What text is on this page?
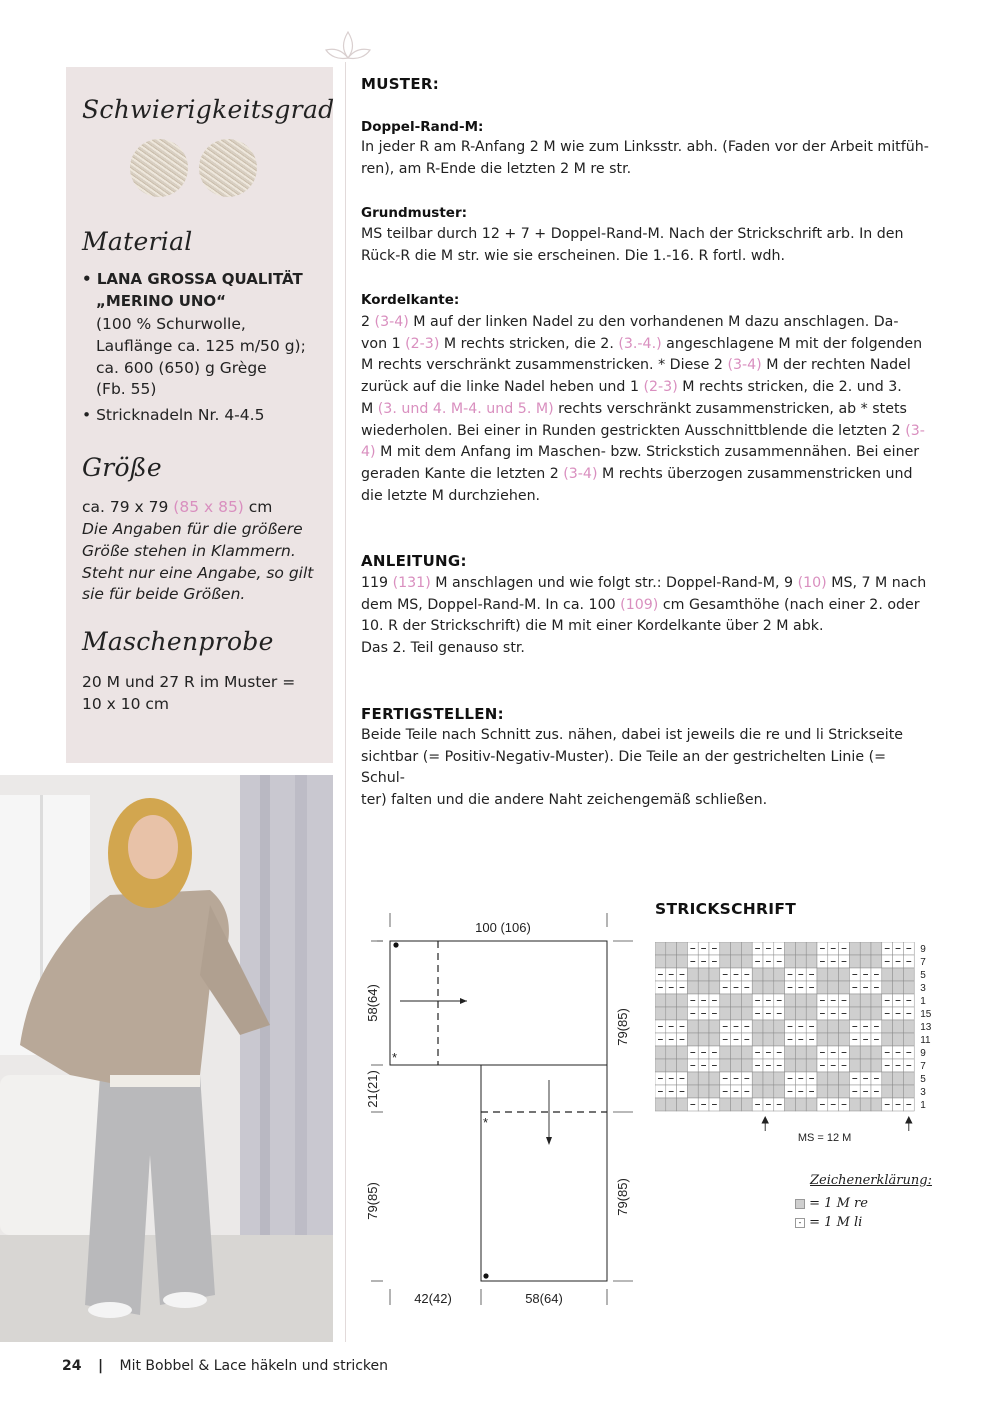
Schwierigkeitsgrad
Material
• LANA GROSSA QUALITÄT
„MERINO UNO“
(100 % Schurwolle,
Lauflänge ca. 125 m/50 g);
ca. 600 (650) g Grège
(Fb. 55)
• Stricknadeln Nr. 4-4.5
Größe
ca. 79 x 79 (85 x 85) cm
Die Angaben für die größere
Größe stehen in Klammern.
Steht nur eine Angabe, so gilt
sie für beide Größen.
Maschenprobe
20 M und 27 R im Muster =
10 x 10 cm
MUSTER:
Doppel-Rand-M:
In jeder R am R-Anfang 2 M wie zum Linksstr. abh. (Faden vor der Arbeit mitfüh-
ren), am R-Ende die letzten 2 M re str.
Grundmuster:
MS teilbar durch 12 + 7 + Doppel-Rand-M. Nach der Strickschrift arb. In den
Rück-R die M str. wie sie erscheinen. Die 1.-16. R fortl. wdh.
Kordelkante:
2 (3-4) M auf der linken Nadel zu den vorhandenen M dazu anschlagen. Da-
von 1 (2-3) M rechts stricken, die 2. (3.-4.) angeschlagene M mit der folgenden
M rechts verschränkt zusammenstricken. * Diese 2 (3-4) M der rechten Nadel
zurück auf die linke Nadel heben und 1 (2-3) M rechts stricken, die 2. und 3.
M (3. und 4. M-4. und 5. M) rechts verschränkt zusammenstricken, ab * stets
wiederholen. Bei einer in Runden gestrickten Ausschnittblende die letzten 2 (3-
4) M mit dem Anfang im Maschen- bzw. Strickstich zusammennähen. Bei einer
geraden Kante die letzten 2 (3-4) M rechts überzogen zusammenstricken und
die letzte M durchziehen.
ANLEITUNG:
119 (131) M anschlagen und wie folgt str.: Doppel-Rand-M, 9 (10) MS, 7 M nach
dem MS, Doppel-Rand-M. In ca. 100 (109) cm Gesamthöhe (nach einer 2. oder
10. R der Strickschrift) die M mit einer Kordelkante über 2 M abk.
Das 2. Teil genauso str.
FERTIGSTELLEN:
Beide Teile nach Schnitt zus. nähen, dabei ist jeweils die re und li Strickseite
sichtbar (= Positiv-Negativ-Muster). Die Teile an der gestrichelten Linie (= Schul-
ter) falten und die andere Naht zeichengemäß schließen.
100 (106)
*
*
58(64)
21(21)
79(85)
79(85)
79(85)
42(42)	58(64)
STRICKSCHRIFT
9
7
5
3
1
15
13
11
9
7
5
3
1
MS = 12 M
Zeichenerklärung:
= 1 M re
- = 1 M li
24 | Mit Bobbel & Lace häkeln und stricken
